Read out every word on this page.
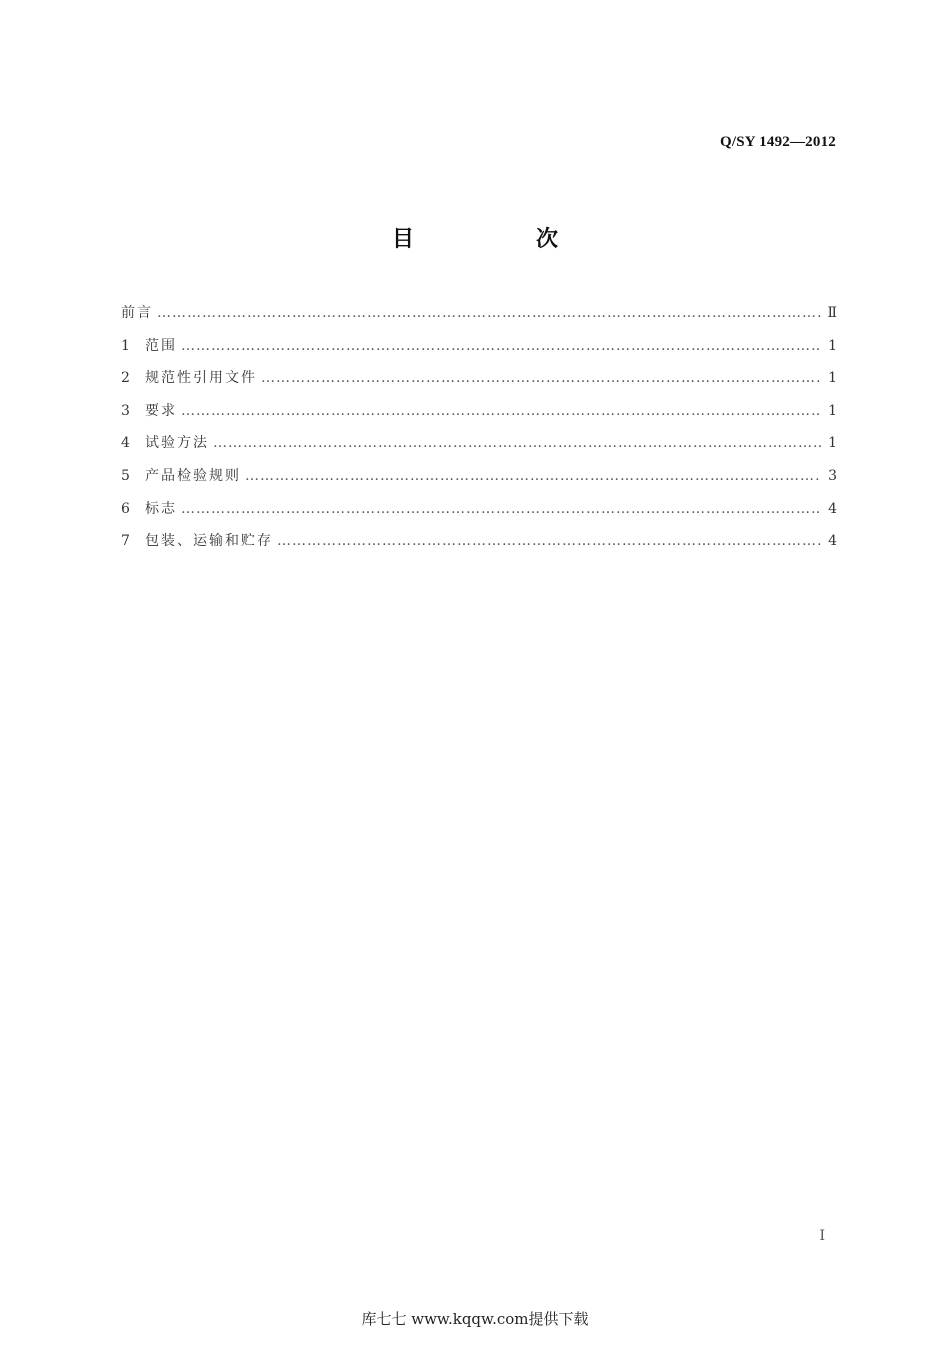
Q/SY 1492—2012
目　次
前言 …………………………………………………………………………………………………………………………………………………………………………………………………………………………	Ⅱ
1	范围 …………………………………………………………………………………………………………………………………………………………………………………………………………………………	1
2	规范性引用文件 …………………………………………………………………………………………………………………………………………………………………………………………………………………………	1
3	要求 …………………………………………………………………………………………………………………………………………………………………………………………………………………………	1
4	试验方法 …………………………………………………………………………………………………………………………………………………………………………………………………………………………	1
5	产品检验规则 …………………………………………………………………………………………………………………………………………………………………………………………………………………………	3
6	标志 …………………………………………………………………………………………………………………………………………………………………………………………………………………………	4
7	包装、运输和贮存 …………………………………………………………………………………………………………………………………………………………………………………………………………………………	4
I
库七七 www.kqqw.com提供下载
